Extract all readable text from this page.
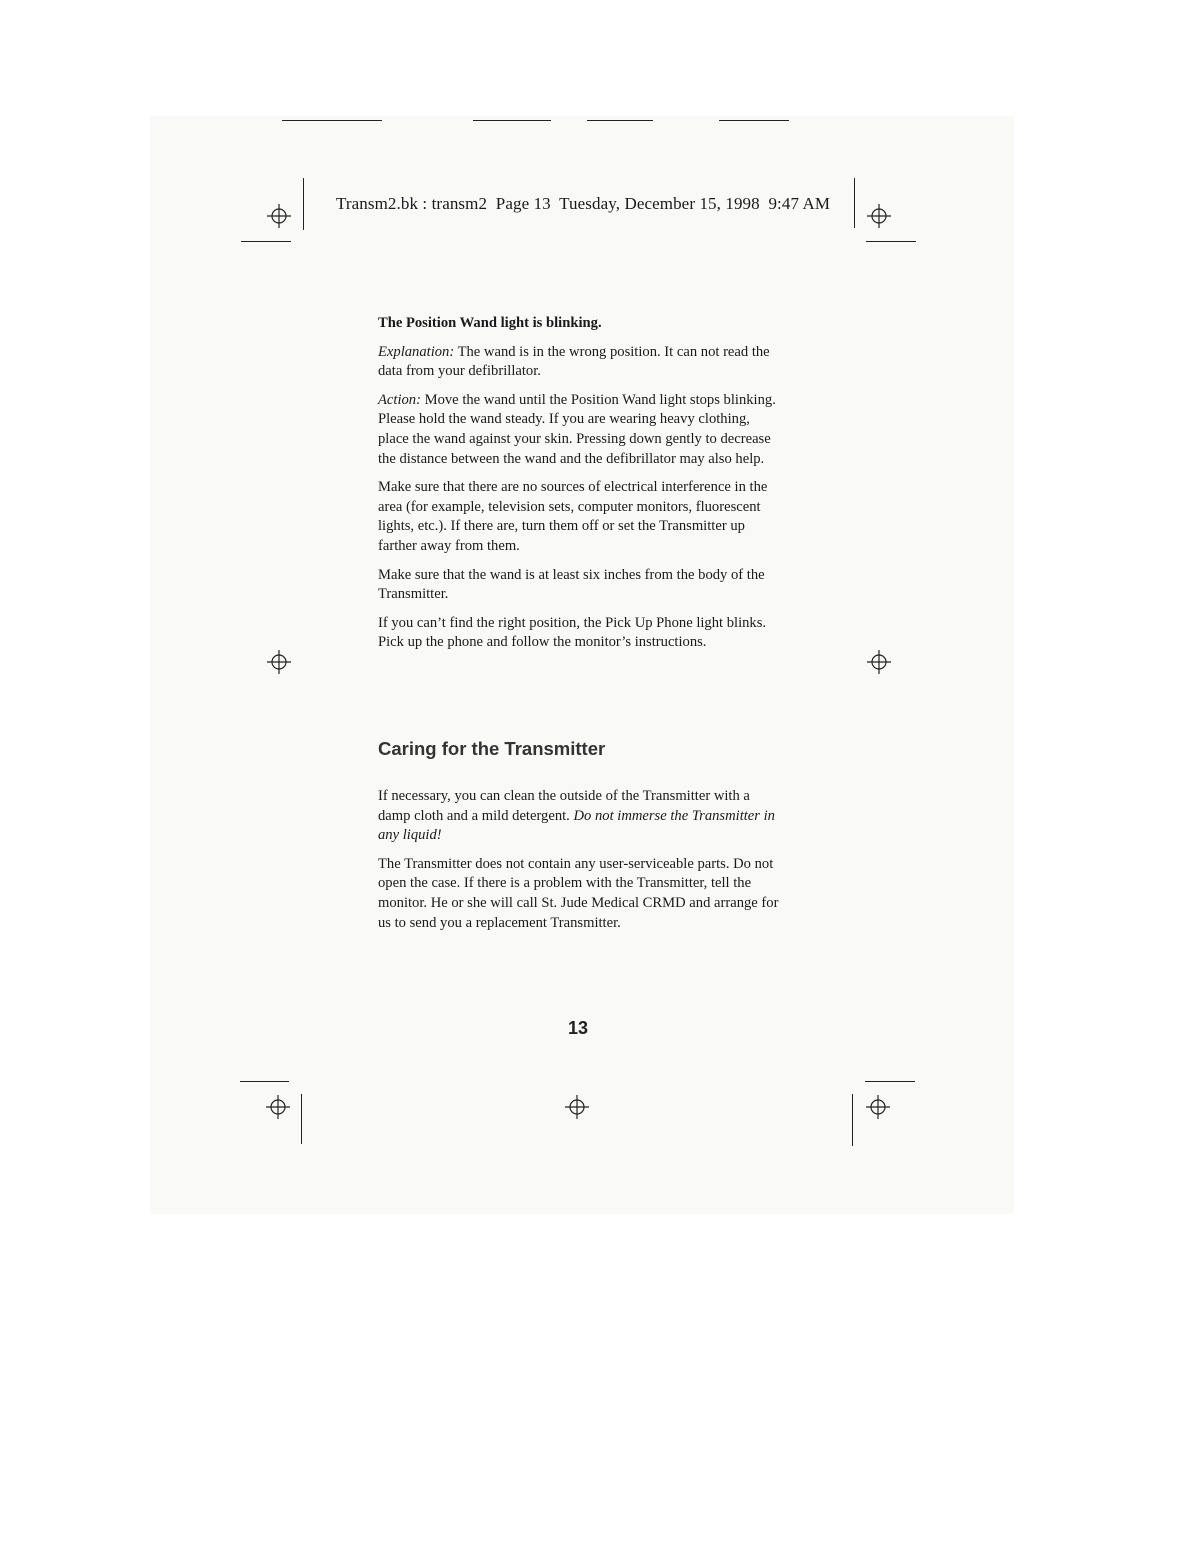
Transm2.bk : transm2  Page 13  Tuesday, December 15, 1998  9:47 AM

The Position Wand light is blinking.

Explanation: The wand is in the wrong position. It can not read the data from your defibrillator.

Action: Move the wand until the Position Wand light stops blinking. Please hold the wand steady. If you are wearing heavy clothing, place the wand against your skin. Pressing down gently to decrease the distance between the wand and the defibrillator may also help.

Make sure that there are no sources of electrical interference in the area (for example, television sets, computer monitors, fluorescent lights, etc.). If there are, turn them off or set the Transmitter up farther away from them.

Make sure that the wand is at least six inches from the body of the Transmitter.

If you can’t find the right position, the Pick Up Phone light blinks. Pick up the phone and follow the monitor’s instructions.

Caring for the Transmitter

If necessary, you can clean the outside of the Transmitter with a damp cloth and a mild detergent. Do not immerse the Transmitter in any liquid!

The Transmitter does not contain any user-serviceable parts. Do not open the case. If there is a problem with the Transmitter, tell the monitor. He or she will call St. Jude Medical CRMD and arrange for us to send you a replacement Transmitter.

13
